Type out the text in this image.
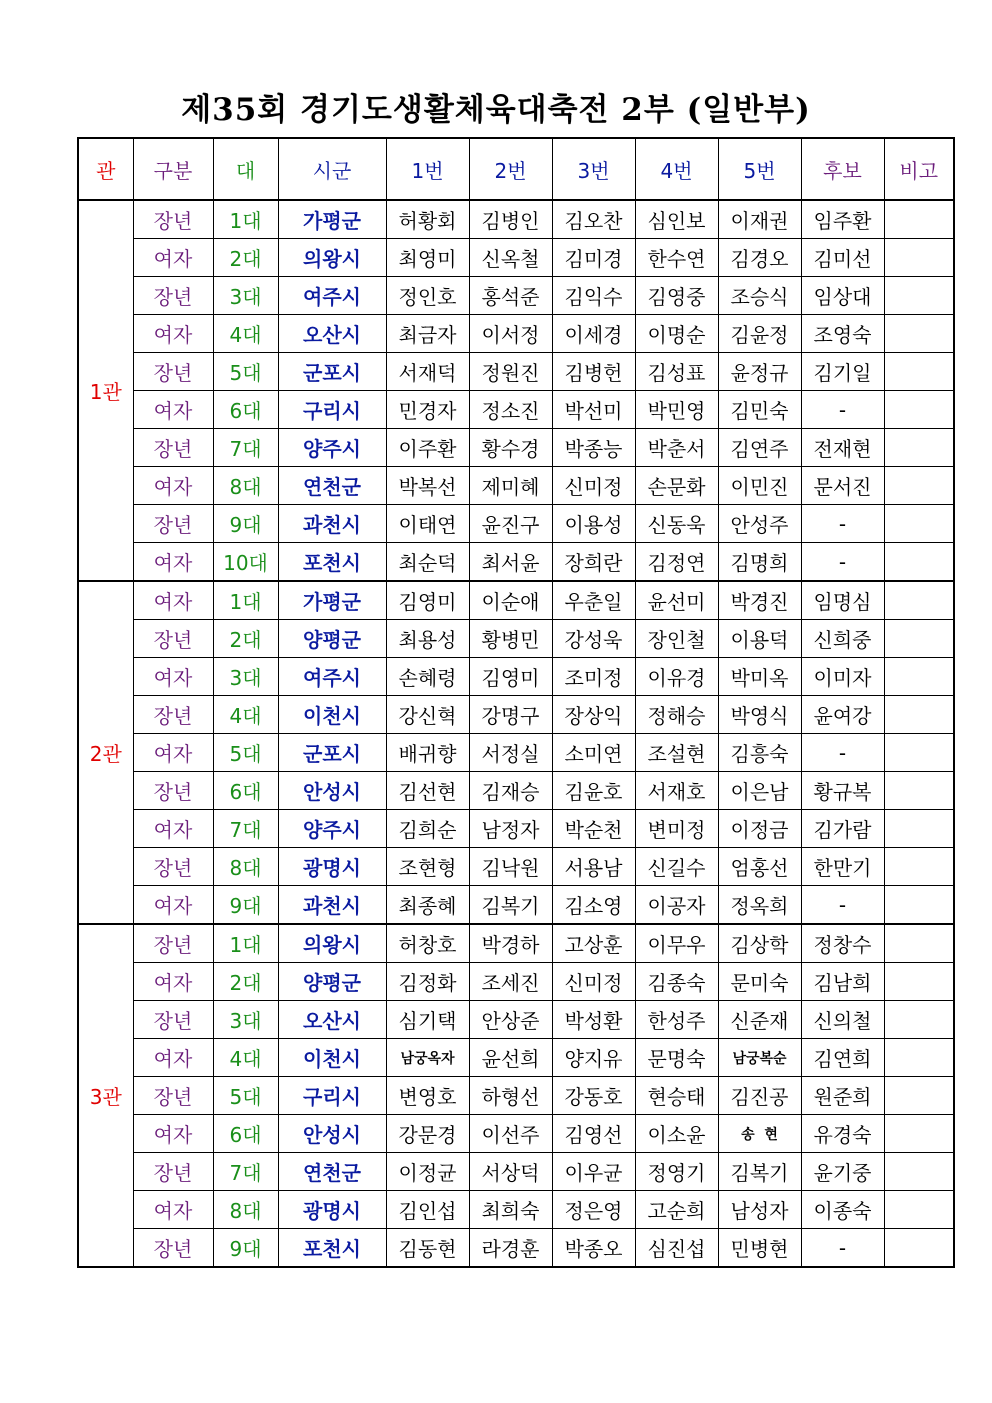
제35회 경기도생활체육대축전 2부 (일반부)
관	구분	대	시군	1번	2번	3번	4번	5번	후보	비고
1관	장년	1대	가평군	허황회	김병인	김오찬	심인보	이재권	임주환	
	여자	2대	의왕시	최영미	신옥철	김미경	한수연	김경오	김미선	
	장년	3대	여주시	정인호	홍석준	김익수	김영중	조승식	임상대	
	여자	4대	오산시	최금자	이서정	이세경	이명순	김윤정	조영숙	
	장년	5대	군포시	서재덕	정원진	김병헌	김성표	윤정규	김기일	
	여자	6대	구리시	민경자	정소진	박선미	박민영	김민숙	-	
	장년	7대	양주시	이주환	황수경	박종능	박춘서	김연주	전재현	
	여자	8대	연천군	박복선	제미혜	신미정	손문화	이민진	문서진	
	장년	9대	과천시	이태연	윤진구	이용성	신동욱	안성주	-	
	여자	10대	포천시	최순덕	최서윤	장희란	김정연	김명희	-	
2관	여자	1대	가평군	김영미	이순애	우춘일	윤선미	박경진	임명심	
	장년	2대	양평군	최용성	황병민	강성욱	장인철	이용덕	신희중	
	여자	3대	여주시	손혜령	김영미	조미정	이유경	박미옥	이미자	
	장년	4대	이천시	강신혁	강명구	장상익	정해승	박영식	윤여강	
	여자	5대	군포시	배귀향	서정실	소미연	조설현	김흥숙	-	
	장년	6대	안성시	김선현	김재승	김윤호	서재호	이은남	황규복	
	여자	7대	양주시	김희순	남정자	박순천	변미정	이정금	김가람	
	장년	8대	광명시	조현형	김낙원	서용남	신길수	엄홍선	한만기	
	여자	9대	과천시	최종혜	김복기	김소영	이공자	정옥희	-	
3관	장년	1대	의왕시	허창호	박경하	고상훈	이무우	김상학	정창수	
	여자	2대	양평군	김정화	조세진	신미정	김종숙	문미숙	김남희	
	장년	3대	오산시	심기택	안상준	박성환	한성주	신준재	신의철	
	여자	4대	이천시	남궁옥자	윤선희	양지유	문명숙	남궁복순	김연희	
	장년	5대	구리시	변영호	하형선	강동호	현승태	김진공	원준희	
	여자	6대	안성시	강문경	이선주	김영선	이소윤	송  현	유경숙	
	장년	7대	연천군	이정균	서상덕	이우균	정영기	김복기	윤기중	
	여자	8대	광명시	김인섭	최희숙	정은영	고순희	남성자	이종숙	
	장년	9대	포천시	김동현	라경훈	박종오	심진섭	민병현	-	
